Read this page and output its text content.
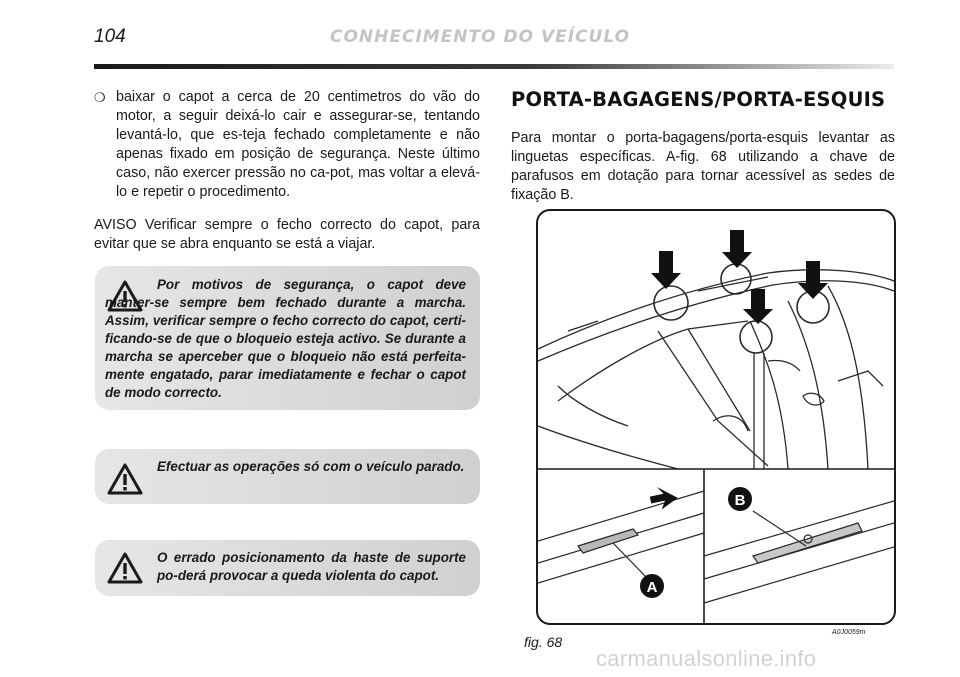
104	CONHECIMENTO DO VEÍCULO
❍ baixar o capot a cerca de 20 centimetros do vão do motor, a seguir deixá-lo cair e assegurar-se, tentando levantá-lo, que es-teja fechado completamente e não apenas fixado em posição de segurança. Neste último caso, não exercer pressão no ca-pot, mas voltar a elevá-lo e repetir o procedimento.
AVISO Verificar sempre o fecho correcto do capot, para evitar que se abra enquanto se está a viajar.
Por motivos de segurança, o capot deve manter-se sempre bem fechado durante a marcha. Assim, verificar sempre o fecho correcto do capot, certi-ficando-se de que o bloqueio esteja activo. Se durante a marcha se aperceber que o bloqueio não está perfeita-mente engatado, parar imediatamente e fechar o capot de modo correcto.
Efectuar as operações só com o veículo parado.
O errado posicionamento da haste de suporte po-derá provocar a queda violenta do capot.
PORTA-BAGAGENS/PORTA-ESQUIS
Para montar o porta-bagagens/porta-esquis levantar as linguetas específicas. A-fig. 68 utilizando a chave de parafusos em dotação para tornar acessível as sedes de fixação B.
A
B
fig. 68
A0J0059m
carmanualsonline.info
